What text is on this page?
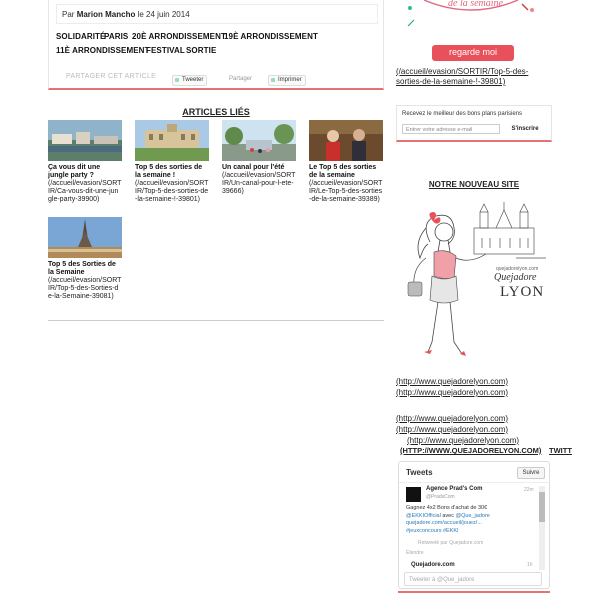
Par Marion Mancho le 24 juin 2014
SOLIDARITÉ
PARIS 20È ARRONDISSEMENT
19È ARRONDISSEMENT
11È ARRONDISSEMENT
FESTIVAL SORTIE
PARTAGER CET ARTICLE	Tweeter	Partager	Imprimer
ARTICLES LIÉS
Ça vous dit une jungle party ?
(/accueil/evasion/SORTIR/Ca-vous-dit-une-jungle-party-39900)
Top 5 des sorties de la semaine !
(/accueil/evasion/SORTIR/Top-5-des-sorties-de-la-semaine-!-39801)
Un canal pour l'été
(/accueil/evasion/SORTIR/Un-canal-pour-l-ete-39666)
Le Top 5 des sorties de la semaine
(/accueil/evasion/SORTIR/Le-Top-5-des-sorties-de-la-semaine-39389)
Top 5 des Sorties de la Semaine
(/accueil/evasion/SORTIR/Top-5-des-Sorties-de-la-Semaine-39081)
de la semaine
regarde moi
(/accueil/evasion/SORTIR/Top-5-des-sorties-de-la-semaine-!-39801)
Recevez le meilleur des bons plans parisiens
Entrer votre adresse e-mail	S'inscrire
NOTRE NOUVEAU SITE
quejadorelyon.com
Quejadore
LYON
(http://www.quejadorelyon.com)
(http://www.quejadorelyon.com)
(http://www.quejadorelyon.com)
(http://www.quejadorelyon.com)
(http://www.quejadorelyon.com)
(HTTP://WWW.QUEJADORELYON.COM) TWITT
Tweets	Suivre
Agence Prad's Com
@PradsCom
22m
Gagnez 4x2 Bons d'achat de 30€
@EKKIOfficial avec @Que_jadore
quejadore.com/accueil/jouez/...
#jeuxconcours #EKKI
Retweeté par Quejadore.com
Étendre
Quejadore.com	1h
Tweeter à @Que_jadore
